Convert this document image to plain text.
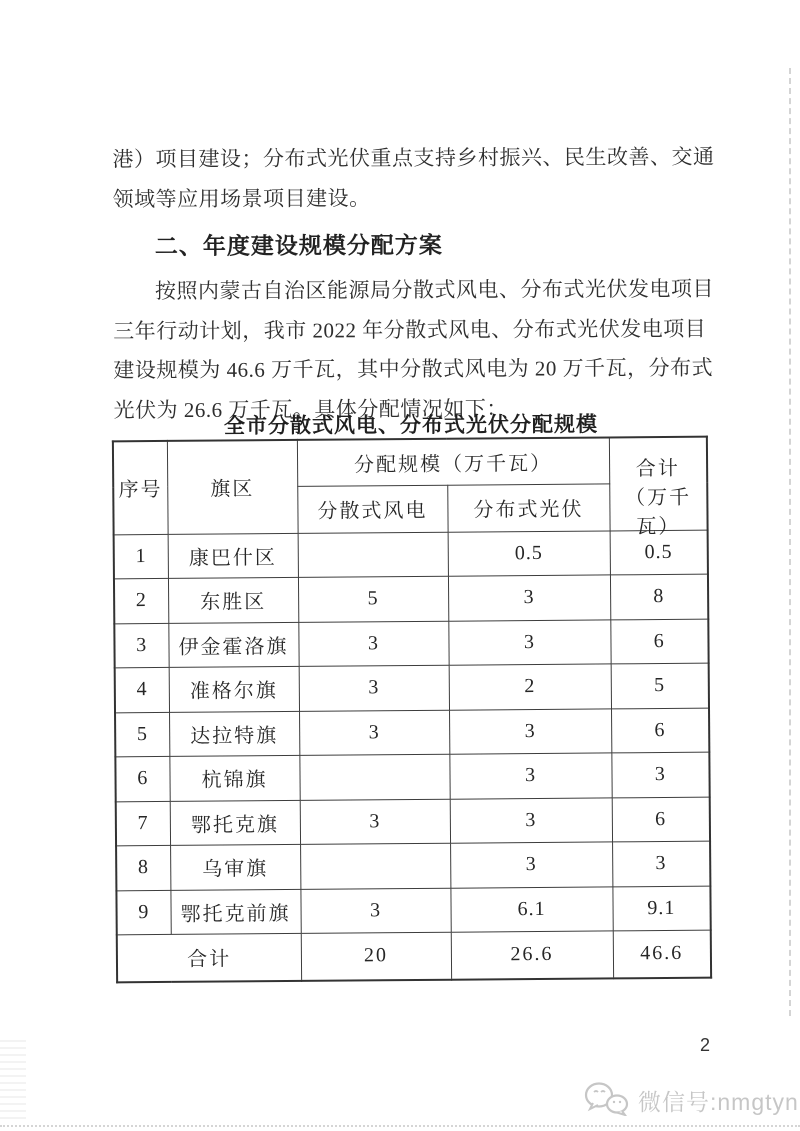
港）项目建设；分布式光伏重点支持乡村振兴、民生改善、交通
领域等应用场景项目建设。
二、年度建设规模分配方案
按照内蒙古自治区能源局分散式风电、分布式光伏发电项目
三年行动计划，我市 2022 年分散式风电、分布式光伏发电项目
建设规模为 46.6 万千瓦，其中分散式风电为 20 万千瓦，分布式
光伏为 26.6 万千瓦。具体分配情况如下：
全市分散式风电、分布式光伏分配规模
序号	旗区	分配规模（万千瓦）		合计
（万千瓦）

		分散式风电	分布式光伏	
1	康巴什区		0.5	0.5
2	东胜区	5	3	8
3	伊金霍洛旗	3	3	6
4	准格尔旗	3	2	5
5	达拉特旗	3	3	6
6	杭锦旗		3	3
7	鄂托克旗	3	3	6
8	乌审旗		3	3
9	鄂托克前旗	3	6.1	9.1
合计		20	26.6	46.6
2
微信号:nmgtyn
